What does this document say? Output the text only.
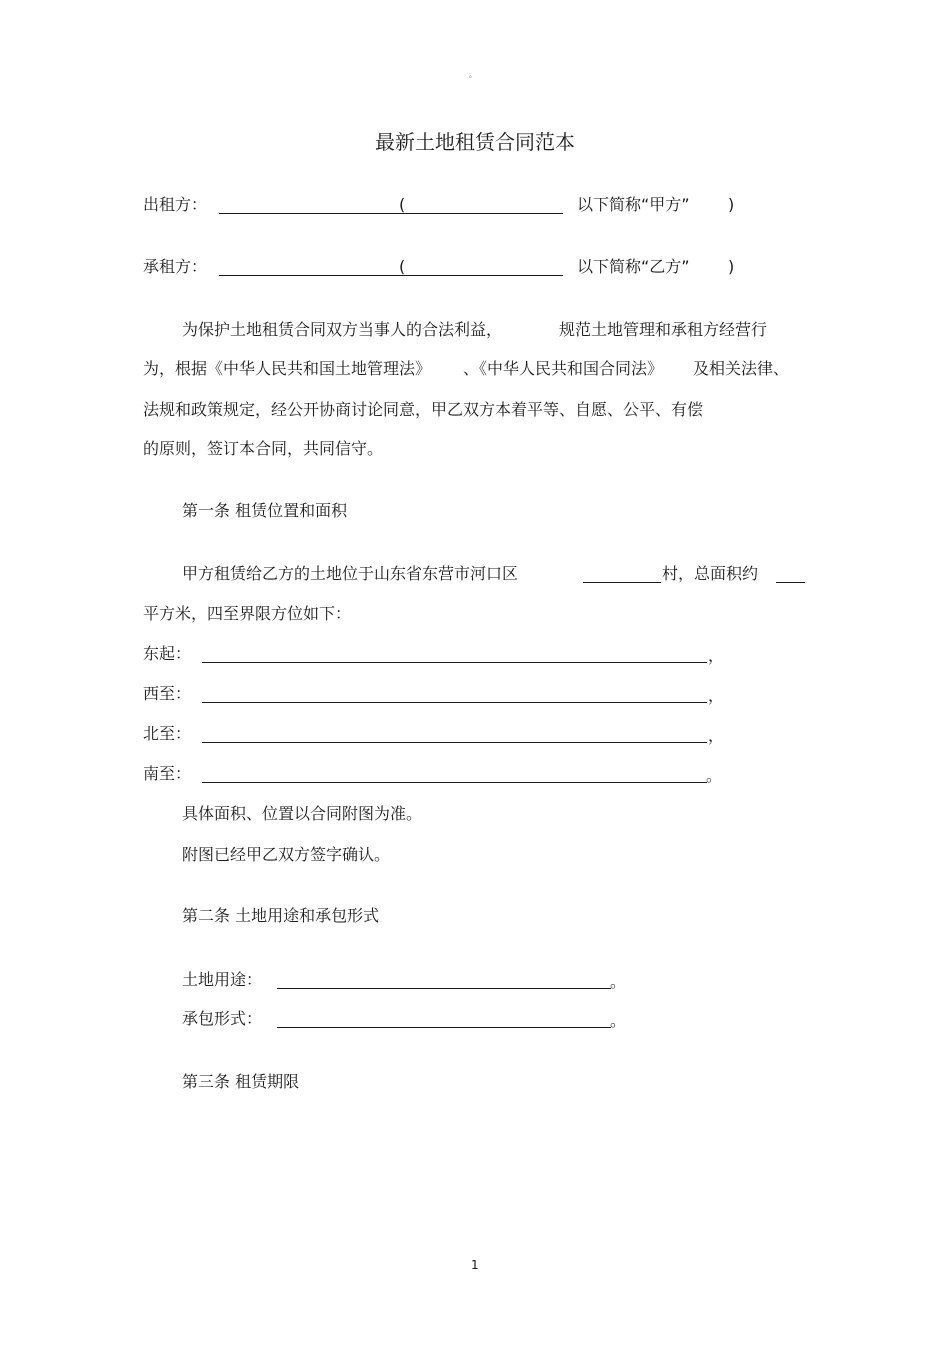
。
最新土地租赁合同范本
出租方：	(	以下简称“甲方” )
承租方：	(	以下简称“乙方” )
为保护土地租赁合同双方当事人的合法利益，	规范土地管理和承租方经营行
为，根据《中华人民共和国土地管理法》 、《中华人民共和国合同法》 及相关法律、
法规和政策规定，经公开协商讨论同意，甲乙双方本着平等、自愿、公平、有偿
的原则，签订本合同，共同信守。
第一条 租赁位置和面积
甲方租赁给乙方的土地位于山东省东营市河口区	村，总面积约
平方米，四至界限方位如下：
东起：	，
西至：	，
北至：	，
南至：	。
具体面积、位置以合同附图为准。
附图已经甲乙双方签字确认。
第二条 土地用途和承包形式
土地用途：	。
承包形式：	。
第三条 租赁期限
1
